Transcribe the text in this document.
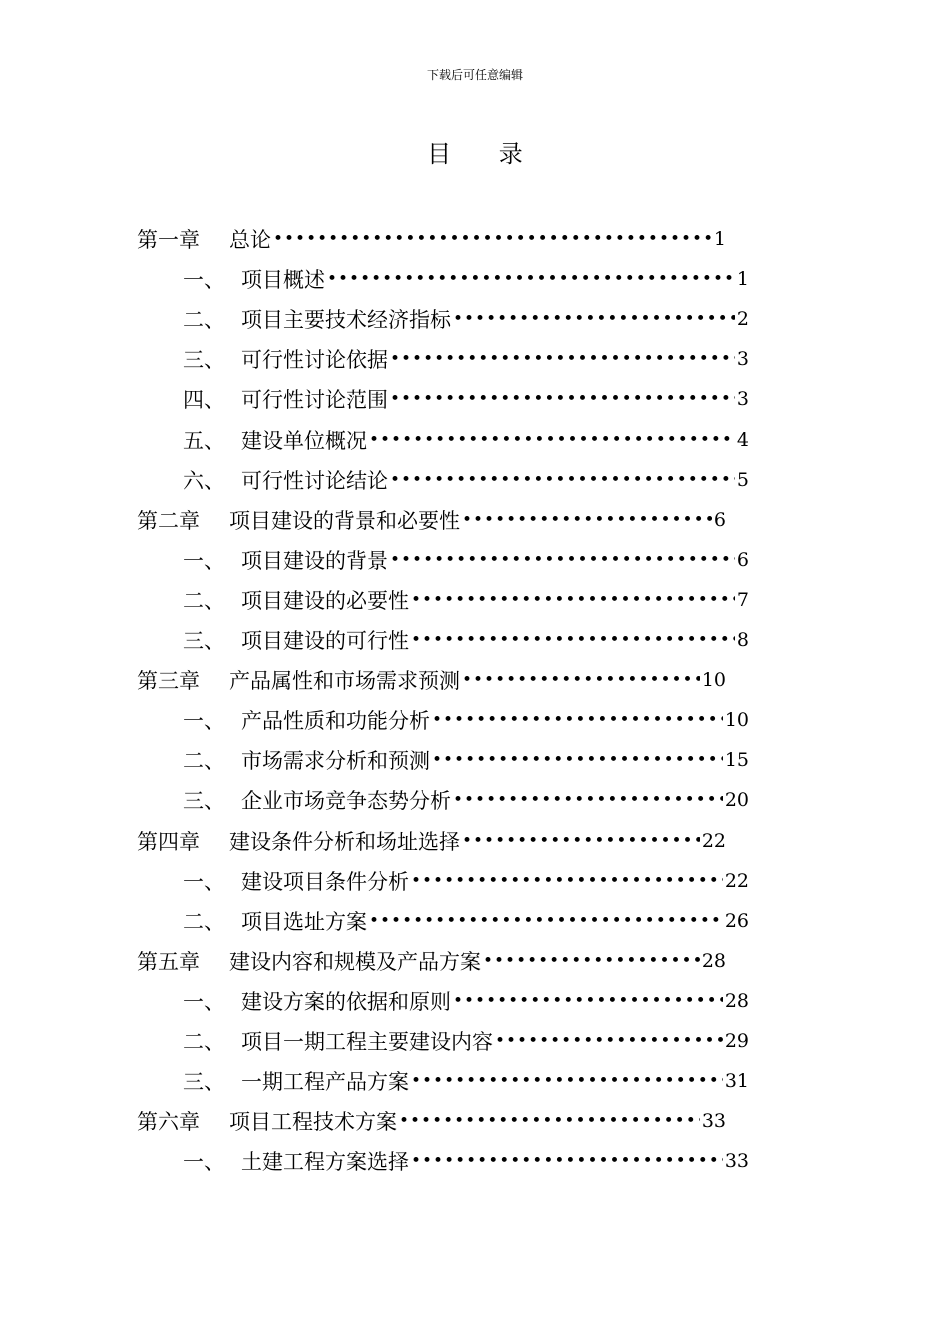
下载后可任意编辑
目 录
第一章	总论 •••••	1
一、 项目概述 •••••	1
二、 项目主要技术经济指标 •••••	2
三、 可行性讨论依据 •••••	3
四、 可行性讨论范围 •••••	3
五、 建设单位概况 •••••	4
六、 可行性讨论结论 •••••	5
第二章	项目建设的背景和必要性 •••••	6
一、 项目建设的背景 •••••	6
二、 项目建设的必要性 •••••	7
三、 项目建设的可行性 •••••	8
第三章	产品属性和市场需求预测 •••••	10
一、 产品性质和功能分析 •••••	10
二、 市场需求分析和预测 •••••	15
三、 企业市场竞争态势分析 •••••	20
第四章	建设条件分析和场址选择 •••••	22
一、 建设项目条件分析 •••••	22
二、 项目选址方案 •••••	26
第五章	建设内容和规模及产品方案 •••••	28
一、 建设方案的依据和原则 •••••	28
二、 项目一期工程主要建设内容 •••••	29
三、 一期工程产品方案 •••••	31
第六章	项目工程技术方案 •••••	33
一、 土建工程方案选择 •••••	33
